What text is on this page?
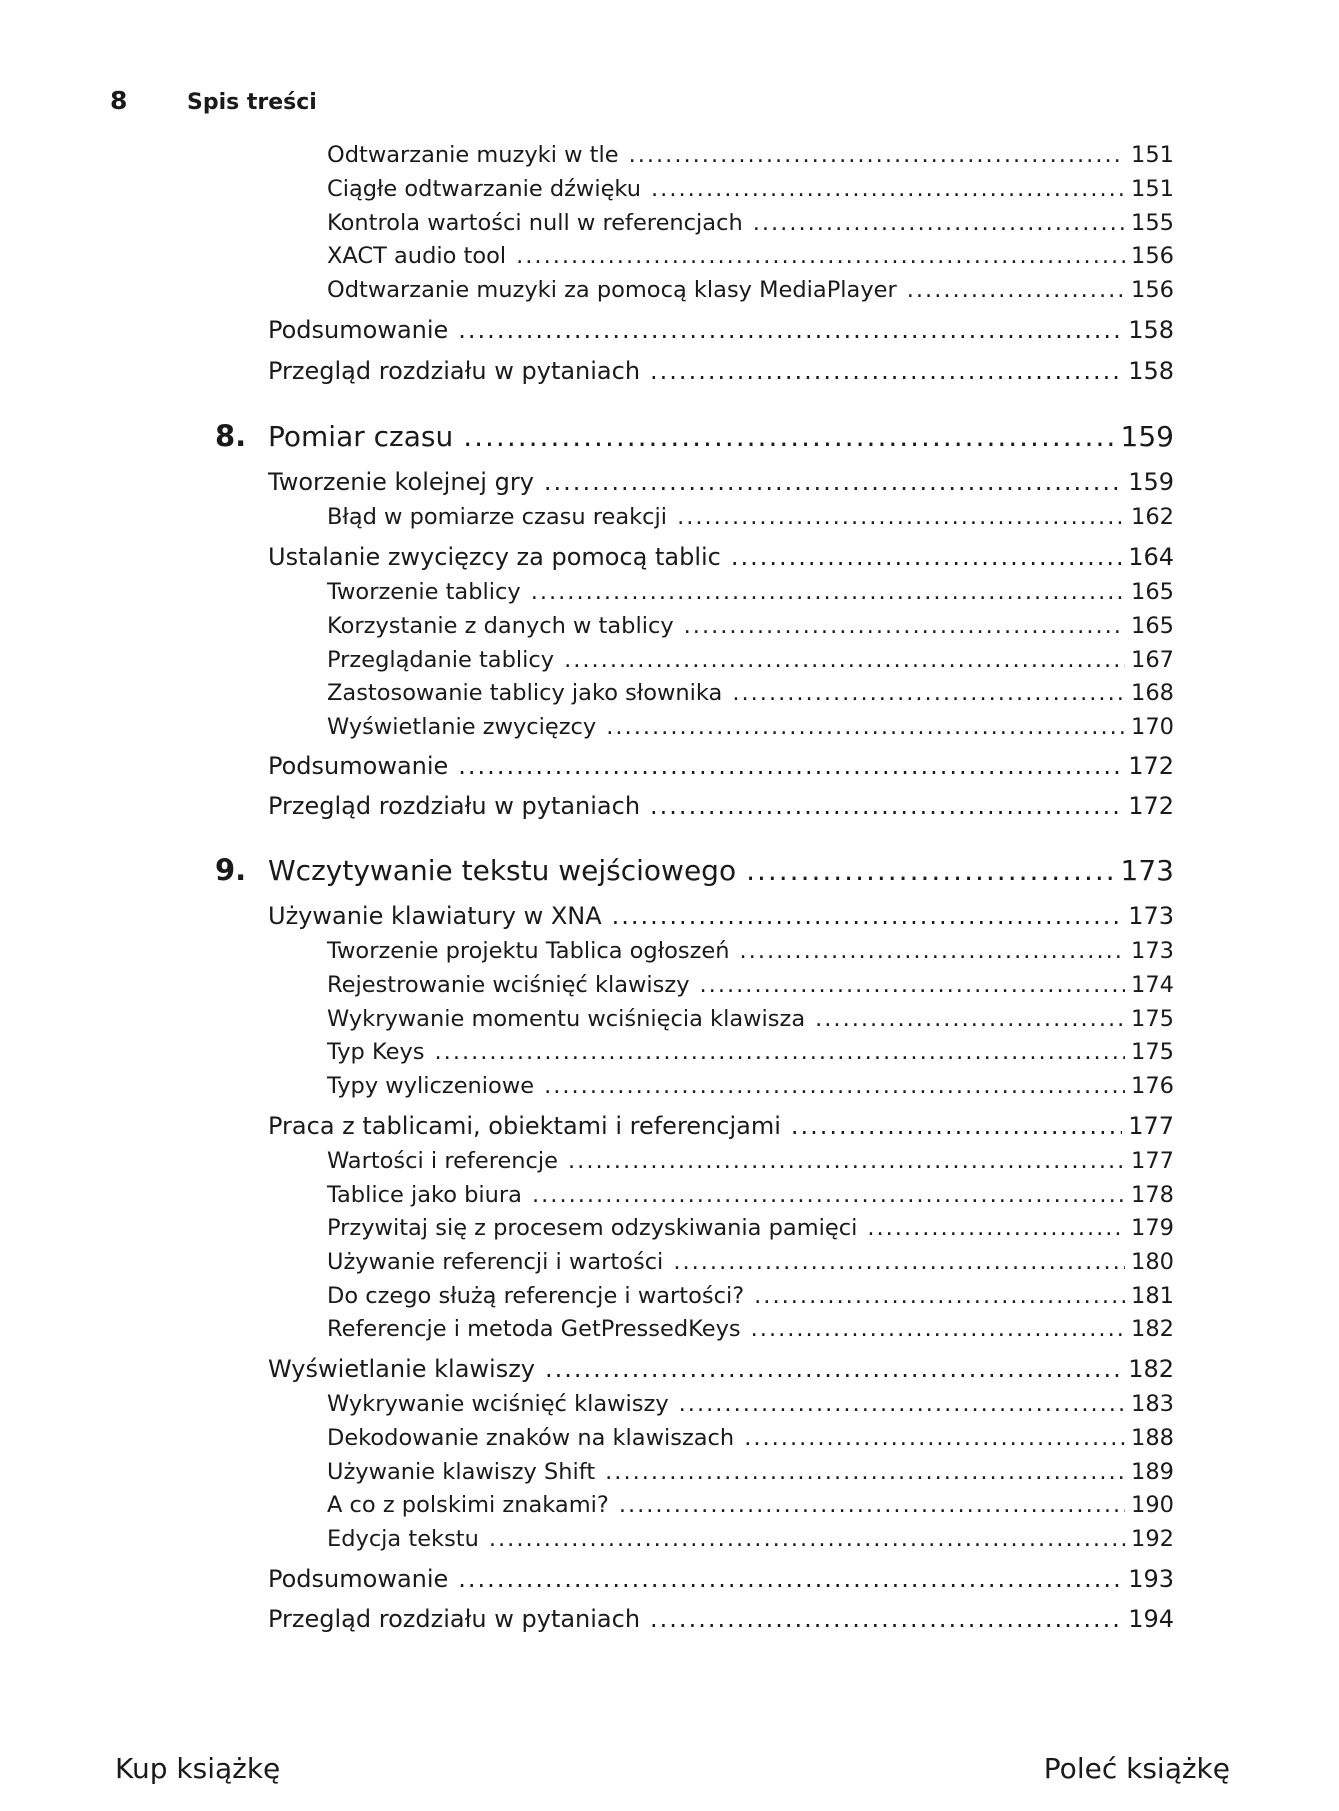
8	Spis treści
Odtwarzanie muzyki w tle .....	151
Ciągłe odtwarzanie dźwięku .....	151
Kontrola wartości null w referencjach .....	155
XACT audio tool .....	156
Odtwarzanie muzyki za pomocą klasy MediaPlayer .....	156
Podsumowanie .....	158
Przegląd rozdziału w pytaniach .....	158
8. Pomiar czasu .....	159
Tworzenie kolejnej gry .....	159
Błąd w pomiarze czasu reakcji .....	162
Ustalanie zwycięzcy za pomocą tablic .....	164
Tworzenie tablicy .....	165
Korzystanie z danych w tablicy .....	165
Przeglądanie tablicy .....	167
Zastosowanie tablicy jako słownika .....	168
Wyświetlanie zwycięzcy .....	170
Podsumowanie .....	172
Przegląd rozdziału w pytaniach .....	172
9. Wczytywanie tekstu wejściowego .....	173
Używanie klawiatury w XNA .....	173
Tworzenie projektu Tablica ogłoszeń .....	173
Rejestrowanie wciśnięć klawiszy .....	174
Wykrywanie momentu wciśnięcia klawisza .....	175
Typ Keys .....	175
Typy wyliczeniowe .....	176
Praca z tablicami, obiektami i referencjami .....	177
Wartości i referencje .....	177
Tablice jako biura .....	178
Przywitaj się z procesem odzyskiwania pamięci .....	179
Używanie referencji i wartości .....	180
Do czego służą referencje i wartości? .....	181
Referencje i metoda GetPressedKeys .....	182
Wyświetlanie klawiszy .....	182
Wykrywanie wciśnięć klawiszy .....	183
Dekodowanie znaków na klawiszach .....	188
Używanie klawiszy Shift .....	189
A co z polskimi znakami? .....	190
Edycja tekstu .....	192
Podsumowanie .....	193
Przegląd rozdziału w pytaniach .....	194
Kup książkę	Poleć książkę
